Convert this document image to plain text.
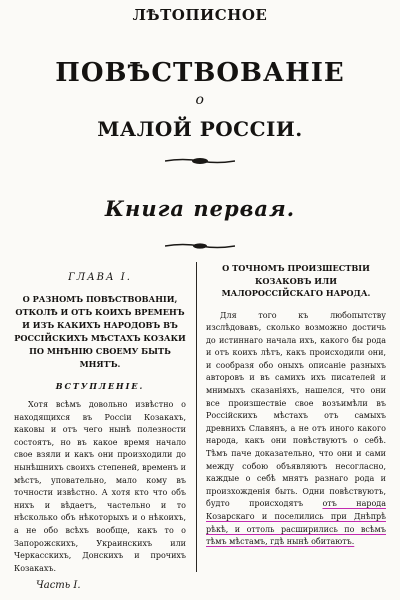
ЛѢТОПИСНОЕ
ПОВѢСТВОВАНІЕ
о
МАЛОЙ РОССІИ.
Книга первая.
ГЛАВА I.
О РАЗНОМЪ ПОВѢСТВОВАНІИ, ОТКОЛѢ И ОТЪ КОИХЪ ВРЕМЕНЪ И ИЗЪ КАКИХЪ НАРОДОВЪ ВЪ РОССІЙСКИХЪ МѢСТАХЪ КОЗАКИ ПО МНѢНІЮ СВОЕМУ БЫТЬ МНЯТЪ.
ВСТУПЛЕНІЕ.

Хотя всѣмъ довольно извѣстно о находящихся въ Россіи Козакахъ, каковы и отъ чего нынѣ полезности состоятъ, но въ какое время начало свое взяли и какъ они произходили до нынѣшнихъ своихъ степеней, временъ и мѣстъ, уповательно, мало кому въ точности извѣстно. А хотя кто что объ нихъ и вѣдаетъ, частельно и то нѣсколько объ нѣкоторыхъ и о нѣкоихъ, а не обо всѣхъ вообще, какъ то о Запорожскихъ, Украинскихъ или Черкасскихъ, Донскихъ и прочихъ Козакахъ.

О ТОЧНОМЪ ПРОИЗШЕСТВІИ КОЗАКОВЪ ИЛИ МАЛОРОССІЙСКАГО НАРОДА.

Для того къ любопытству изслѣдовавъ, сколько возможно достичь до истиннаго начала ихъ, какого бы рода и отъ коихъ лѣтъ, какъ происходили они, и сообразя обо оныхъ описаніе разныхъ авторовъ и въ самихъ ихъ писателей и мнимыхъ сказаніяхъ, нашелся, что они все произшествіе свое возъимѣли въ Россійскихъ мѣстахъ отъ самыхъ древнихъ Славянъ, а не отъ иного какого народа, какъ они повѣствуютъ о себѣ. Тѣмъ паче доказательно, что они и сами между собою объявляютъ несогласно, каждые о себѣ мнятъ разнаго рода и произхожденія быть. Одни повѣствуютъ, будто происходятъ отъ народа Козарскаго и поселились при Днѣпрѣ рѣкѣ, и оттоль расширились по всѣмъ тѣмъ мѣстамъ, гдѣ нынѣ обитаютъ.

Часть I.
